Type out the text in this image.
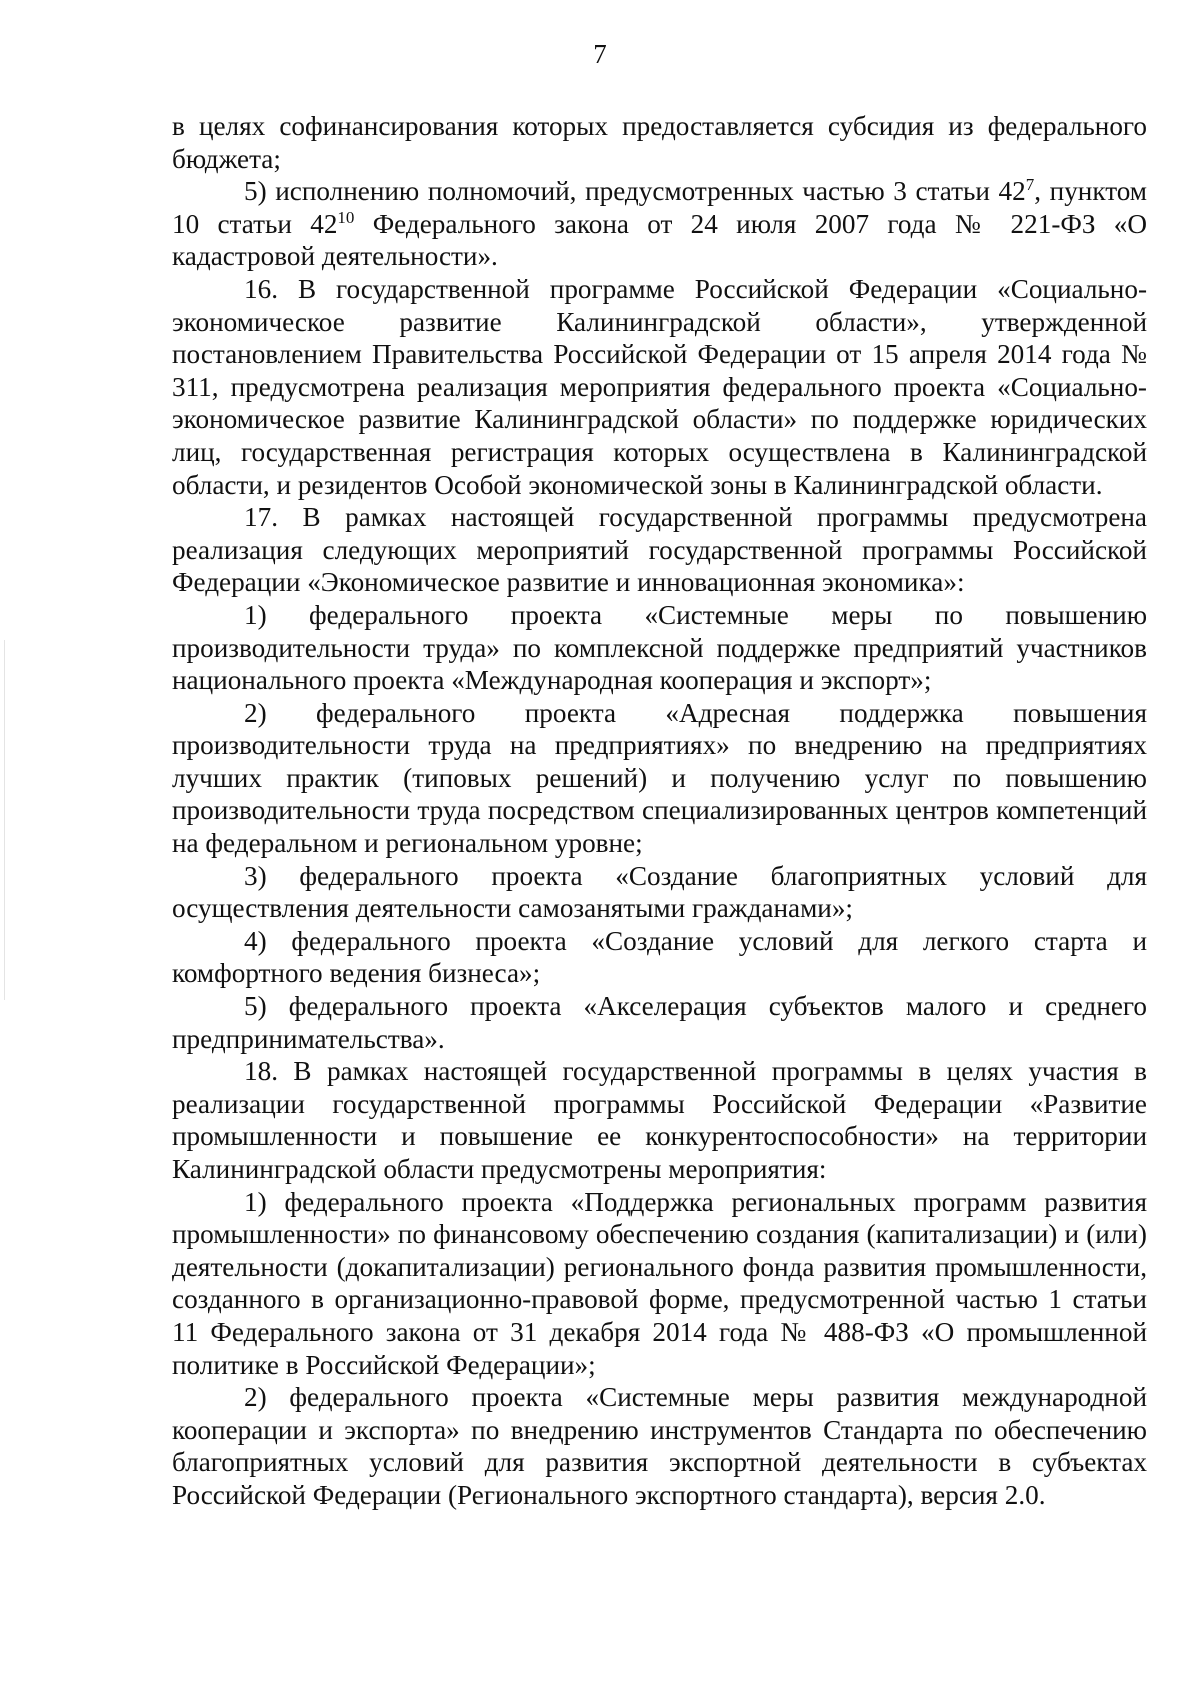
7

в целях софинансирования которых предоставляется субсидия из федерального бюджета;

5) исполнению полномочий, предусмотренных частью 3 статьи $42^7$, пунктом 10 статьи $42^{10}$ Федерального закона от 24 июля 2007 года № 221-ФЗ «О кадастровой деятельности».

16. В государственной программе Российской Федерации «Социально-экономическое развитие Калининградской области», утвержденной постановлением Правительства Российской Федерации от 15 апреля 2014 года № 311, предусмотрена реализация мероприятия федерального проекта «Социально-экономическое развитие Калининградской области» по поддержке юридических лиц, государственная регистрация которых осуществлена в Калининградской области, и резидентов Особой экономической зоны в Калининградской области.

17. В рамках настоящей государственной программы предусмотрена реализация следующих мероприятий государственной программы Российской Федерации «Экономическое развитие и инновационная экономика»:

1) федерального проекта «Системные меры по повышению производительности труда» по комплексной поддержке предприятий участников национального проекта «Международная кооперация и экспорт»;

2) федерального проекта «Адресная поддержка повышения производительности труда на предприятиях» по внедрению на предприятиях лучших практик (типовых решений) и получению услуг по повышению производительности труда посредством специализированных центров компетенций на федеральном и региональном уровне;

3) федерального проекта «Создание благоприятных условий для осуществления деятельности самозанятыми гражданами»;

4) федерального проекта «Создание условий для легкого старта и комфортного ведения бизнеса»;

5) федерального проекта «Акселерация субъектов малого и среднего предпринимательства».

18. В рамках настоящей государственной программы в целях участия в реализации государственной программы Российской Федерации «Развитие промышленности и повышение ее конкурентоспособности» на территории Калининградской области предусмотрены мероприятия:

1) федерального проекта «Поддержка региональных программ развития промышленности» по финансовому обеспечению создания (капитализации) и (или) деятельности (докапитализации) регионального фонда развития промышленности, созданного в организационно-правовой форме, предусмотренной частью 1 статьи 11 Федерального закона от 31 декабря 2014 года № 488-ФЗ «О промышленной политике в Российской Федерации»;

2) федерального проекта «Системные меры развития международной кооперации и экспорта» по внедрению инструментов Стандарта по обеспечению благоприятных условий для развития экспортной деятельности в субъектах Российской Федерации (Регионального экспортного стандарта), версия 2.0.
